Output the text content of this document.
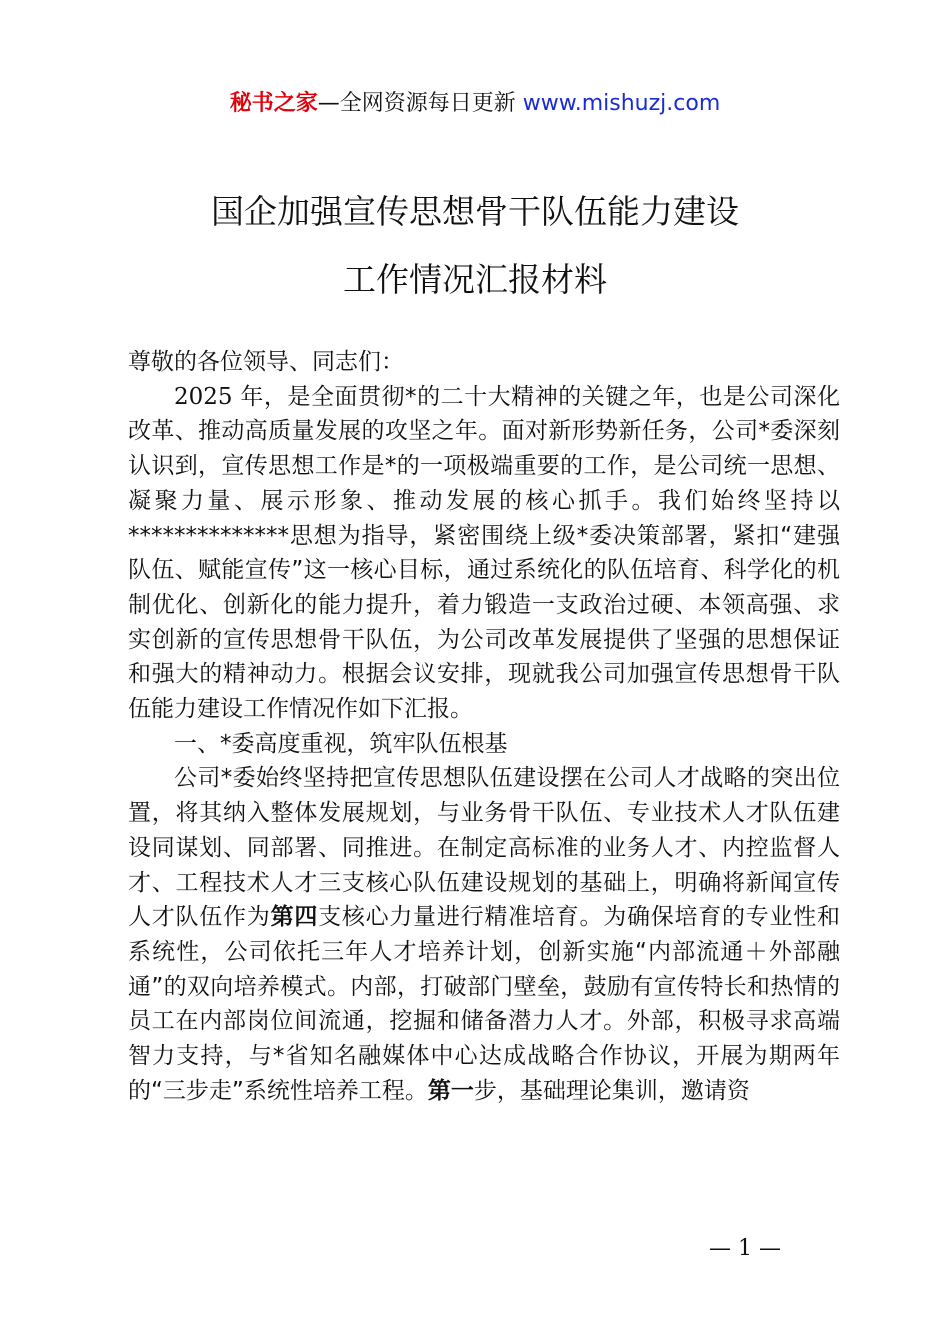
秘书之家—全网资源每日更新 www.mishuzj.com
国企加强宣传思想骨干队伍能力建设
工作情况汇报材料

尊敬的各位领导、同志们：

2025 年，是全面贯彻*的二十大精神的关键之年，也是公司深化改革、推动高质量发展的攻坚之年。面对新形势新任务，公司*委深刻认识到，宣传思想工作是*的一项极端重要的工作，是公司统一思想、凝聚力量、展示形象、推动发展的核心抓手。我们始终坚持以**************思想为指导，紧密围绕上级*委决策部署，紧扣“建强队伍、赋能宣传”这一核心目标，通过系统化的队伍培育、科学化的机制优化、创新化的能力提升，着力锻造一支政治过硬、本领高强、求实创新的宣传思想骨干队伍，为公司改革发展提供了坚强的思想保证和强大的精神动力。根据会议安排，现就我公司加强宣传思想骨干队伍能力建设工作情况作如下汇报。

一、*委高度重视，筑牢队伍根基

公司*委始终坚持把宣传思想队伍建设摆在公司人才战略的突出位置，将其纳入整体发展规划，与业务骨干队伍、专业技术人才队伍建设同谋划、同部署、同推进。在制定高标准的业务人才、内控监督人才、工程技术人才三支核心队伍建设规划的基础上，明确将新闻宣传人才队伍作为第四支核心力量进行精准培育。为确保培育的专业性和系统性，公司依托三年人才培养计划，创新实施“内部流通＋外部融通”的双向培养模式。内部，打破部门壁垒，鼓励有宣传特长和热情的员工在内部岗位间流通，挖掘和储备潜力人才。外部，积极寻求高端智力支持，与*省知名融媒体中心达成战略合作协议，开展为期两年的“三步走”系统性培养工程。第一步，基础理论集训，邀请资

— 1 —
